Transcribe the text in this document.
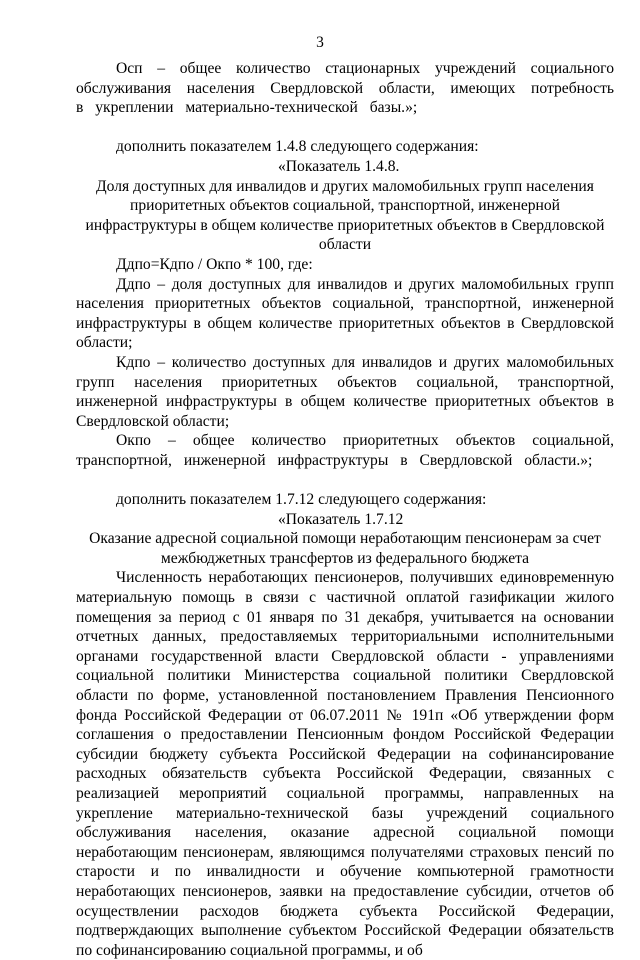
3

Осп – общее количество стационарных учреждений социального обслуживания населения Свердловской области, имеющих потребность в укреплении материально-технической базы.»;

дополнить показателем 1.4.8 следующего содержания:

«Показатель 1.4.8.

Доля доступных для инвалидов и других маломобильных групп населения приоритетных объектов социальной, транспортной, инженерной инфраструктуры в общем количестве приоритетных объектов в Свердловской области

Ддпо=Кдпо / Окпо * 100, где:

Ддпо – доля доступных для инвалидов и других маломобильных групп населения приоритетных объектов социальной, транспортной, инженерной инфраструктуры в общем количестве приоритетных объектов в Свердловской области;

Кдпо – количество доступных для инвалидов и других маломобильных групп населения приоритетных объектов социальной, транспортной, инженерной инфраструктуры в общем количестве приоритетных объектов в Свердловской области;

Окпо – общее количество приоритетных объектов социальной, транспортной, инженерной инфраструктуры в Свердловской области.»;

дополнить показателем 1.7.12 следующего содержания:

«Показатель 1.7.12

Оказание адресной социальной помощи неработающим пенсионерам за счет межбюджетных трансфертов из федерального бюджета

Численность неработающих пенсионеров, получивших единовременную материальную помощь в связи с частичной оплатой газификации жилого помещения за период с 01 января по 31 декабря, учитывается на основании отчетных данных, предоставляемых территориальными исполнительными органами государственной власти Свердловской области - управлениями социальной политики Министерства социальной политики Свердловской области по форме, установленной постановлением Правления Пенсионного фонда Российской Федерации от 06.07.2011 № 191п «Об утверждении форм соглашения о предоставлении Пенсионным фондом Российской Федерации субсидии бюджету субъекта Российской Федерации на софинансирование расходных обязательств субъекта Российской Федерации, связанных с реализацией мероприятий социальной программы, направленных на укрепление материально-технической базы учреждений социального обслуживания населения, оказание адресной социальной помощи неработающим пенсионерам, являющимся получателями страховых пенсий по старости и по инвалидности и обучение компьютерной грамотности неработающих пенсионеров, заявки на предоставление субсидии, отчетов об осуществлении расходов бюджета субъекта Российской Федерации, подтверждающих выполнение субъектом Российской Федерации обязательств по софинансированию социальной программы, и об
